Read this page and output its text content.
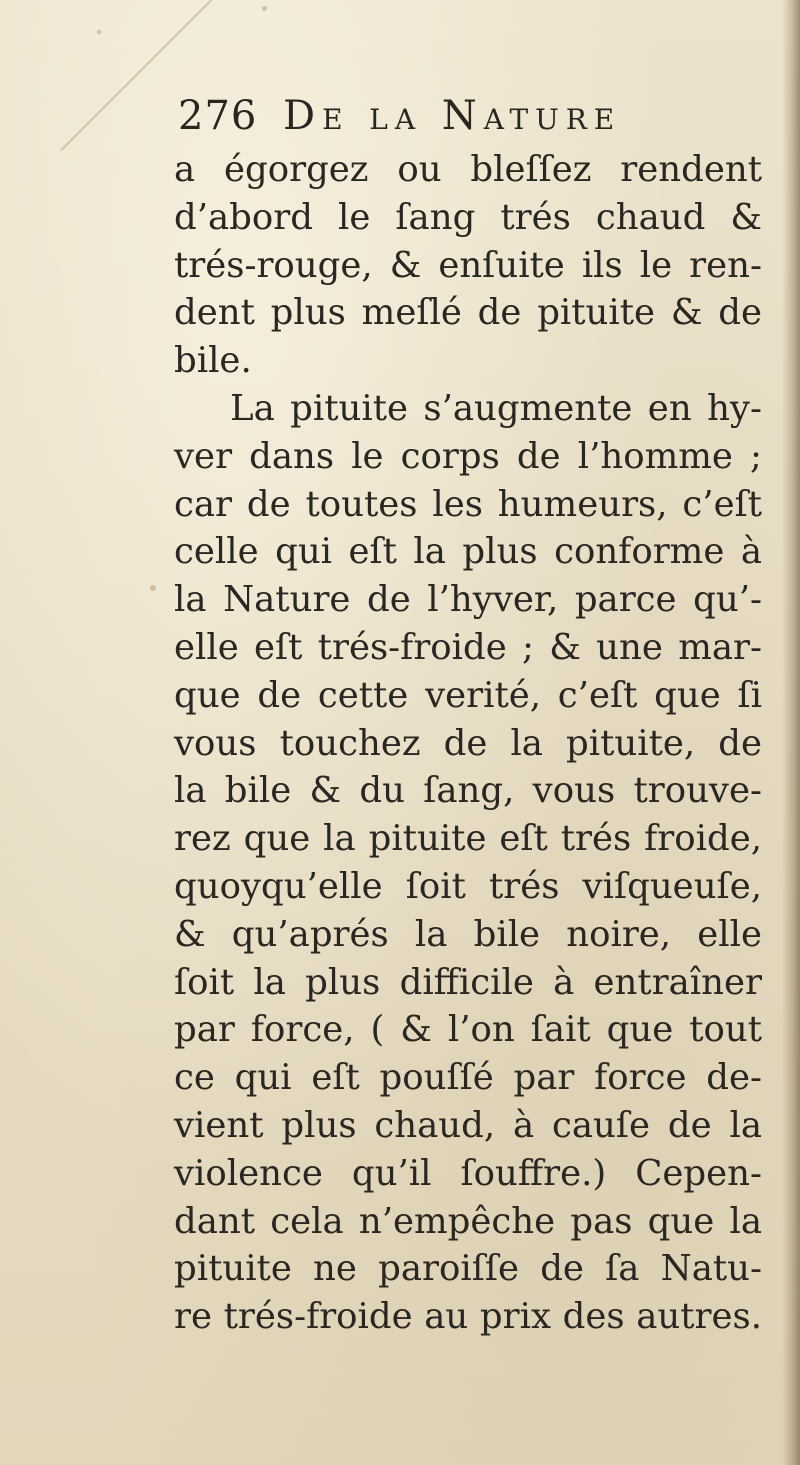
276 De la Nature
a égorgez ou bleſſez rendent
d’abord le ſang trés chaud &
trés-rouge, & enſuite ils le ren-
dent plus meſlé de pituite & de
bile.
La pituite s’augmente en hy-
ver dans le corps de l’homme ;
car de toutes les humeurs, c’eſt
celle qui eſt la plus conforme à
la Nature de l’hyver, parce qu’-
elle eſt trés-froide ; & une mar-
que de cette verité, c’eſt que ſi
vous touchez de la pituite, de
la bile & du ſang, vous trouve-
rez que la pituite eſt trés froide,
quoyqu’elle ſoit trés viſqueuſe,
& qu’aprés la bile noire, elle
ſoit la plus difficile à entraîner
par force, ( & l’on ſait que tout
ce qui eſt pouſſé par force de-
vient plus chaud, à cauſe de la
violence qu’il ſouffre.) Cepen-
dant cela n’empêche pas que la
pituite ne paroiſſe de ſa Natu-
re trés-froide au prix des autres.
